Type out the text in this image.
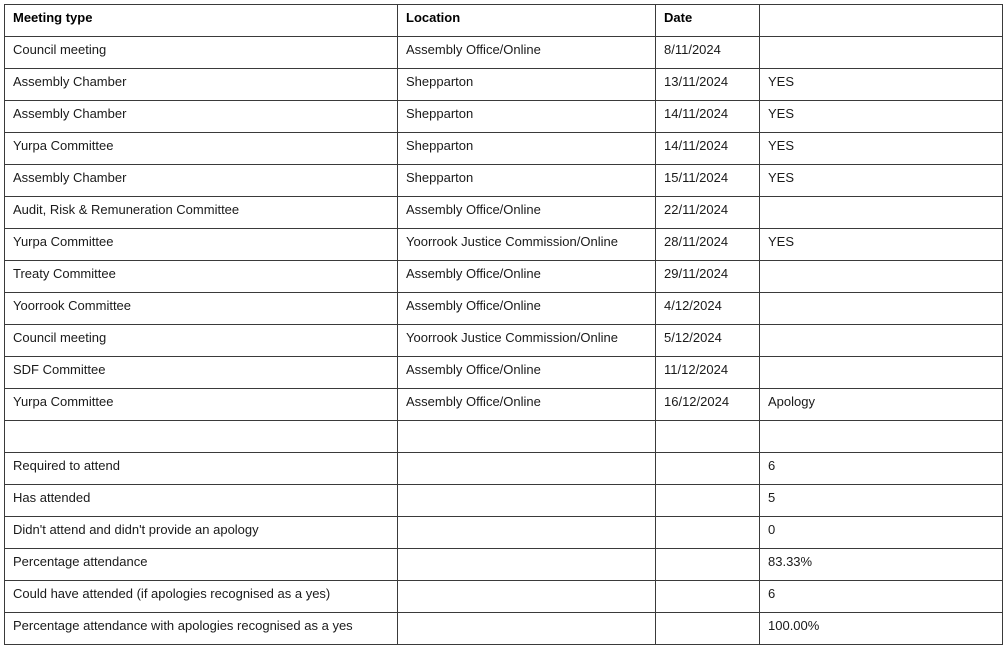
Meeting type	Location	Date	
Council meeting	Assembly Office/Online	8/11/2024	
Assembly Chamber	Shepparton	13/11/2024	YES
Assembly Chamber	Shepparton	14/11/2024	YES
Yurpa Committee	Shepparton	14/11/2024	YES
Assembly Chamber	Shepparton	15/11/2024	YES
Audit, Risk & Remuneration Committee	Assembly Office/Online	22/11/2024	
Yurpa Committee	Yoorrook Justice Commission/Online	28/11/2024	YES
Treaty Committee	Assembly Office/Online	29/11/2024	
Yoorrook Committee	Assembly Office/Online	4/12/2024	
Council meeting	Yoorrook Justice Commission/Online	5/12/2024	
SDF Committee	Assembly Office/Online	11/12/2024	
Yurpa Committee	Assembly Office/Online	16/12/2024	Apology

Required to attend			6
Has attended			5
Didn't attend and didn't provide an apology			0
Percentage attendance			83.33%
Could have attended (if apologies recognised as a yes)			6
Percentage attendance with apologies recognised as a yes			100.00%
